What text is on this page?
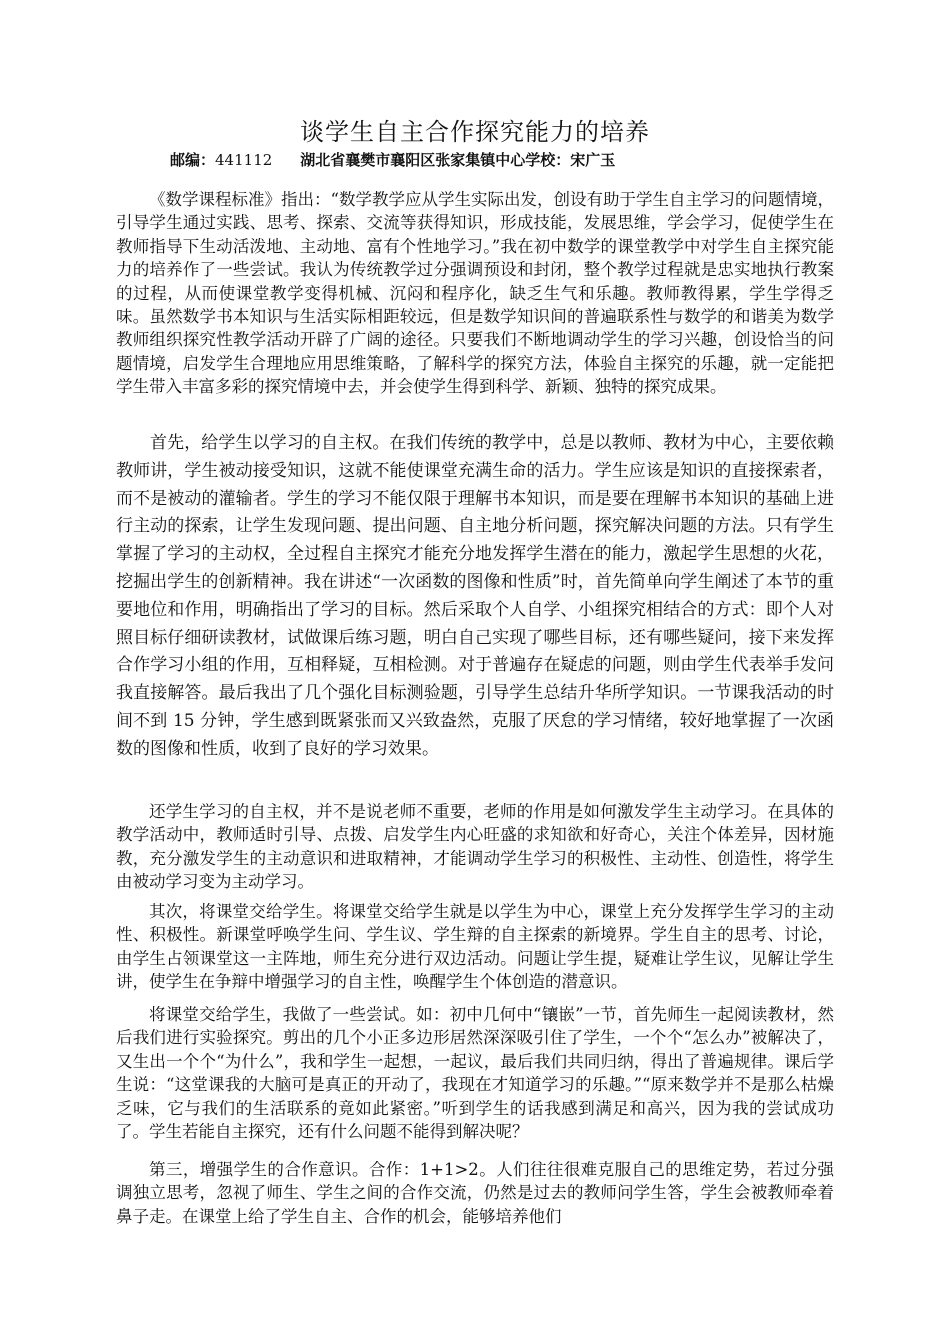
谈学生自主合作探究能力的培养
邮编：441112 湖北省襄樊市襄阳区张家集镇中心学校：宋广玉

《数学课程标准》指出：“数学教学应从学生实际出发，创设有助于学生自主学习的问题情境，引导学生通过实践、思考、探索、交流等获得知识，形成技能，发展思维，学会学习，促使学生在教师指导下生动活泼地、主动地、富有个性地学习。”我在初中数学的课堂教学中对学生自主探究能力的培养作了一些尝试。我认为传统教学过分强调预设和封闭，整个教学过程就是忠实地执行教案的过程，从而使课堂教学变得机械、沉闷和程序化，缺乏生气和乐趣。教师教得累，学生学得乏味。虽然数学书本知识与生活实际相距较远，但是数学知识间的普遍联系性与数学的和谐美为数学教师组织探究性教学活动开辟了广阔的途径。只要我们不断地调动学生的学习兴趣，创设恰当的问题情境，启发学生合理地应用思维策略，了解科学的探究方法，体验自主探究的乐趣，就一定能把学生带入丰富多彩的探究情境中去，并会使学生得到科学、新颖、独特的探究成果。

首先，给学生以学习的自主权。在我们传统的教学中，总是以教师、教材为中心，主要依赖教师讲，学生被动接受知识，这就不能使课堂充满生命的活力。学生应该是知识的直接探索者，而不是被动的灌输者。学生的学习不能仅限于理解书本知识，而是要在理解书本知识的基础上进行主动的探索，让学生发现问题、提出问题、自主地分析问题，探究解决问题的方法。只有学生掌握了学习的主动权，全过程自主探究才能充分地发挥学生潜在的能力，激起学生思想的火花，挖掘出学生的创新精神。我在讲述“一次函数的图像和性质”时，首先简单向学生阐述了本节的重要地位和作用，明确指出了学习的目标。然后采取个人自学、小组探究相结合的方式：即个人对照目标仔细研读教材，试做课后练习题，明白自己实现了哪些目标，还有哪些疑问，接下来发挥合作学习小组的作用，互相释疑，互相检测。对于普遍存在疑虑的问题，则由学生代表举手发问我直接解答。最后我出了几个强化目标测验题，引导学生总结升华所学知识。一节课我活动的时间不到 15 分钟，学生感到既紧张而又兴致盎然，克服了厌怠的学习情绪，较好地掌握了一次函数的图像和性质，收到了良好的学习效果。

还学生学习的自主权，并不是说老师不重要，老师的作用是如何激发学生主动学习。在具体的教学活动中，教师适时引导、点拨、启发学生内心旺盛的求知欲和好奇心，关注个体差异，因材施教，充分激发学生的主动意识和进取精神，才能调动学生学习的积极性、主动性、创造性，将学生由被动学习变为主动学习。

其次，将课堂交给学生。将课堂交给学生就是以学生为中心，课堂上充分发挥学生学习的主动性、积极性。新课堂呼唤学生问、学生议、学生辩的自主探索的新境界。学生自主的思考、讨论，由学生占领课堂这一主阵地，师生充分进行双边活动。问题让学生提，疑难让学生议，见解让学生讲，使学生在争辩中增强学习的自主性，唤醒学生个体创造的潜意识。

将课堂交给学生，我做了一些尝试。如：初中几何中“镶嵌”一节，首先师生一起阅读教材，然后我们进行实验探究。剪出的几个小正多边形居然深深吸引住了学生，一个个“怎么办”被解决了，又生出一个个“为什么”，我和学生一起想，一起议，最后我们共同归纳，得出了普遍规律。课后学生说：“这堂课我的大脑可是真正的开动了，我现在才知道学习的乐趣。”“原来数学并不是那么枯燥乏味，它与我们的生活联系的竟如此紧密。”听到学生的话我感到满足和高兴，因为我的尝试成功了。学生若能自主探究，还有什么问题不能得到解决呢？

第三，增强学生的合作意识。合作：1+1>2。人们往往很难克服自己的思维定势，若过分强调独立思考，忽视了师生、学生之间的合作交流，仍然是过去的教师问学生答，学生会被教师牵着鼻子走。在课堂上给了学生自主、合作的机会，能够培养他们
